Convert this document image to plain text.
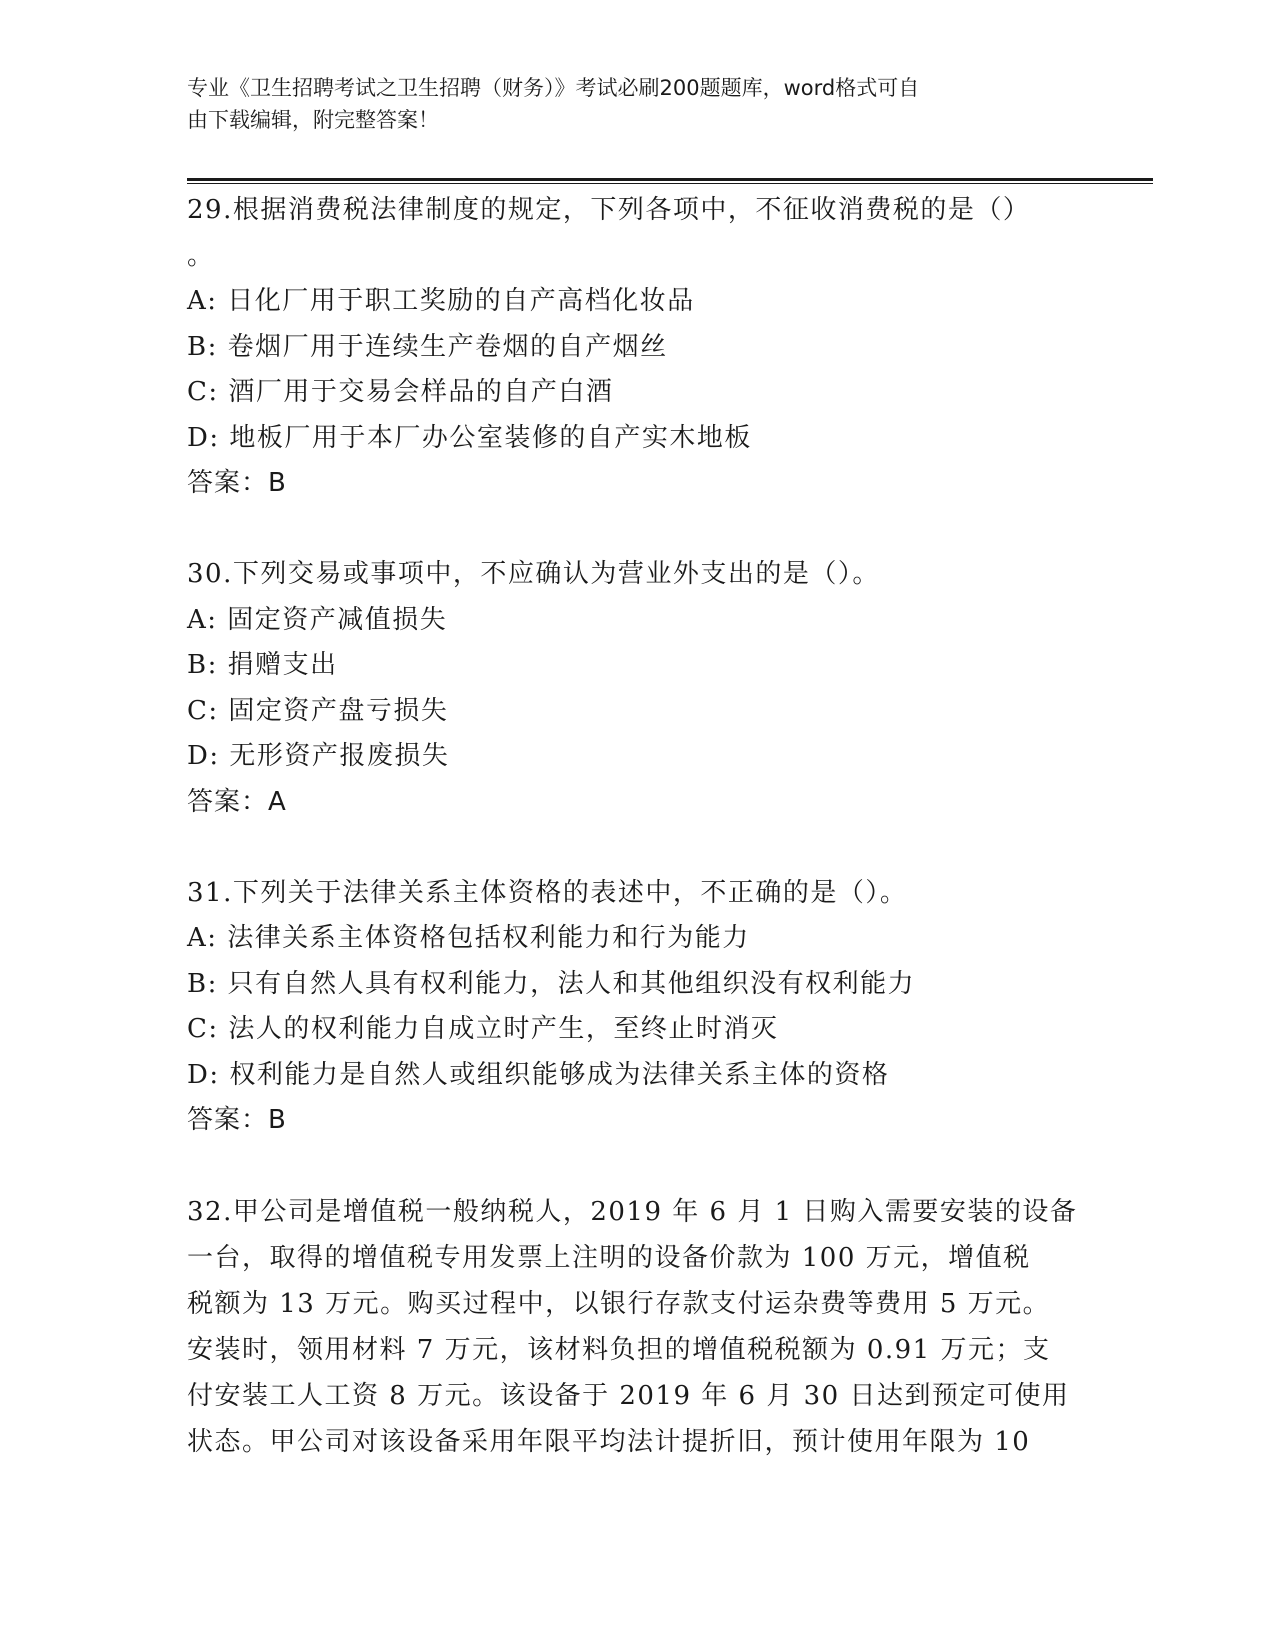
专业《卫生招聘考试之卫生招聘（财务）》考试必刷200题题库，word格式可自
由下载编辑，附完整答案！
29.根据消费税法律制度的规定，下列各项中，不征收消费税的是（）
。
A: 日化厂用于职工奖励的自产高档化妆品
B: 卷烟厂用于连续生产卷烟的自产烟丝
C: 酒厂用于交易会样品的自产白酒
D: 地板厂用于本厂办公室装修的自产实木地板
答案：B
30.下列交易或事项中，不应确认为营业外支出的是（）。
A: 固定资产减值损失
B: 捐赠支出
C: 固定资产盘亏损失
D: 无形资产报废损失
答案：A
31.下列关于法律关系主体资格的表述中，不正确的是（）。
A: 法律关系主体资格包括权利能力和行为能力
B: 只有自然人具有权利能力，法人和其他组织没有权利能力
C: 法人的权利能力自成立时产生，至终止时消灭
D: 权利能力是自然人或组织能够成为法律关系主体的资格
答案：B
32.甲公司是增值税一般纳税人，2019 年 6 月 1 日购入需要安装的设备
一台，取得的增值税专用发票上注明的设备价款为 100 万元，增值税
税额为 13 万元。购买过程中，以银行存款支付运杂费等费用 5 万元。
安装时，领用材料 7 万元，该材料负担的增值税税额为 0.91 万元；支
付安装工人工资 8 万元。该设备于 2019 年 6 月 30 日达到预定可使用
状态。甲公司对该设备采用年限平均法计提折旧，预计使用年限为 10
